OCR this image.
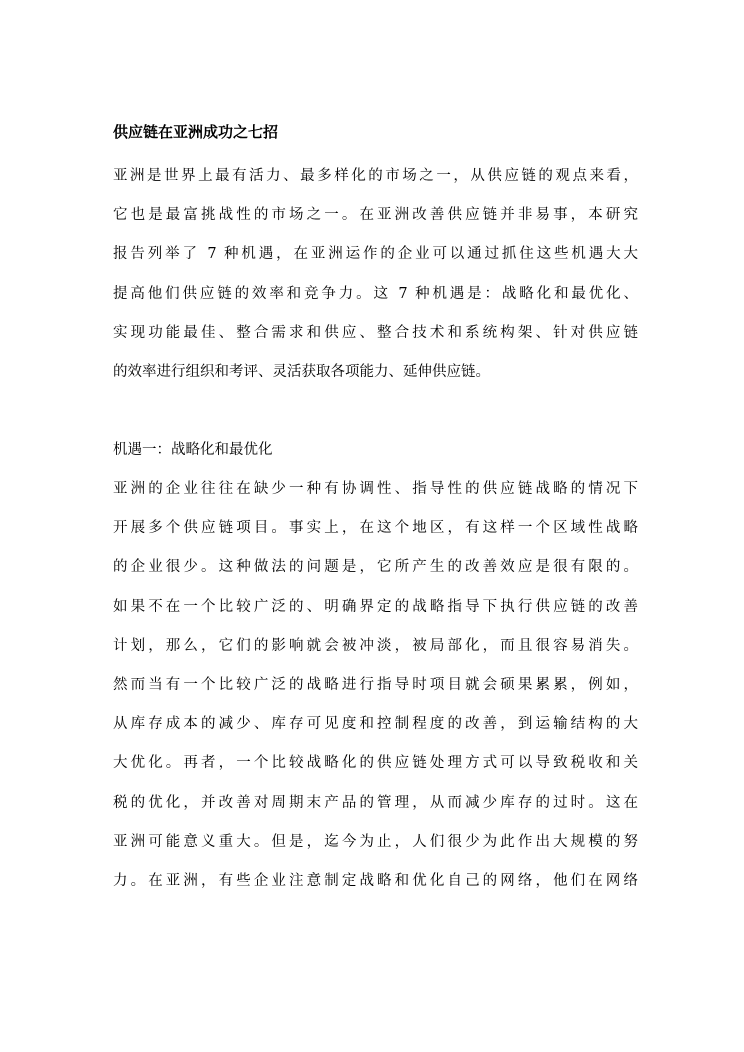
供应链在亚洲成功之七招
亚洲是世界上最有活力、最多样化的市场之一，从供应链的观点来看，
它也是最富挑战性的市场之一。在亚洲改善供应链并非易事，本研究
报告列举了 7 种机遇，在亚洲运作的企业可以通过抓住这些机遇大大
提高他们供应链的效率和竞争力。这 7 种机遇是：战略化和最优化、
实现功能最佳、整合需求和供应、整合技术和系统构架、针对供应链
的效率进行组织和考评、灵活获取各项能力、延伸供应链。
机遇一：战略化和最优化
亚洲的企业往往在缺少一种有协调性、指导性的供应链战略的情况下
开展多个供应链项目。事实上，在这个地区，有这样一个区域性战略
的企业很少。这种做法的问题是，它所产生的改善效应是很有限的。
如果不在一个比较广泛的、明确界定的战略指导下执行供应链的改善
计划，那么，它们的影响就会被冲淡，被局部化，而且很容易消失。
然而当有一个比较广泛的战略进行指导时项目就会硕果累累，例如，
从库存成本的减少、库存可见度和控制程度的改善，到运输结构的大
大优化。再者，一个比较战略化的供应链处理方式可以导致税收和关
税的优化，并改善对周期末产品的管理，从而减少库存的过时。这在
亚洲可能意义重大。但是，迄今为止，人们很少为此作出大规模的努
力。在亚洲，有些企业注意制定战略和优化自己的网络，他们在网络
